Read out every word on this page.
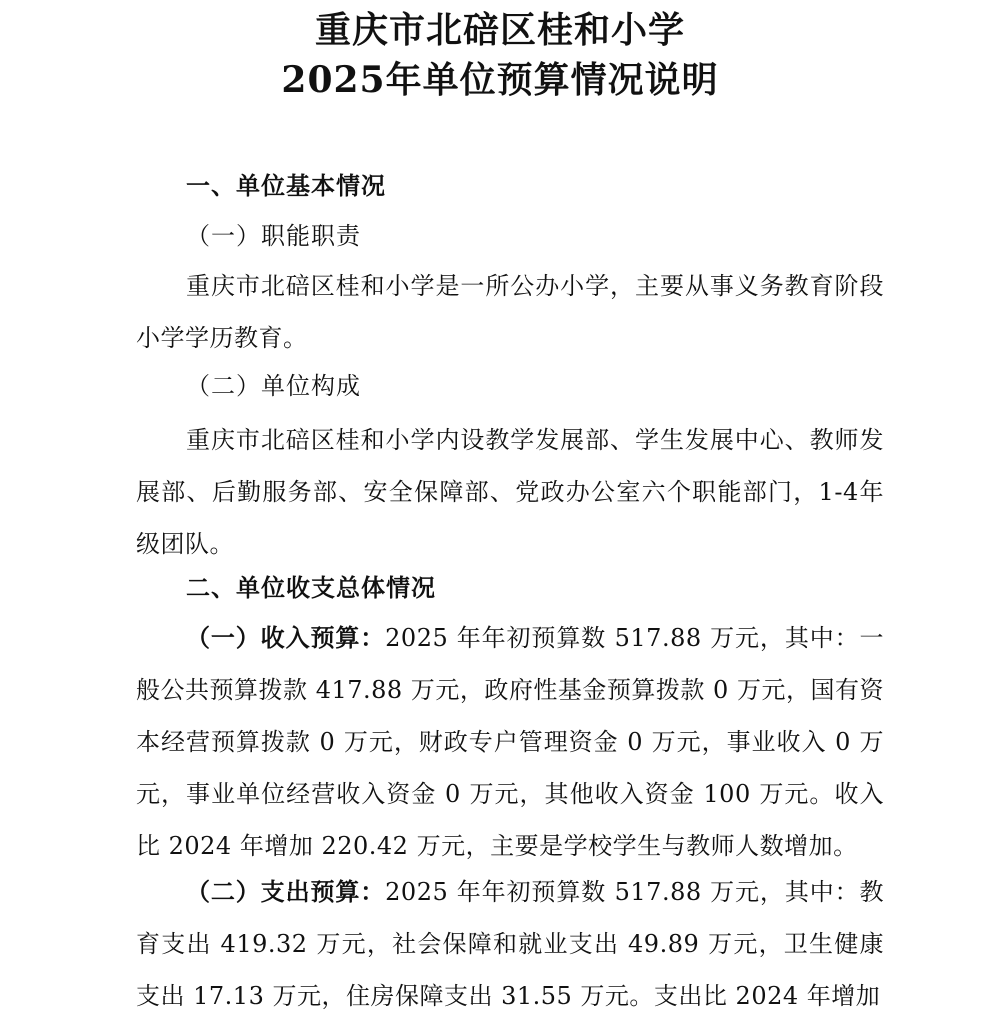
重庆市北碚区桂和小学
2025年单位预算情况说明
一、单位基本情况
（一）职能职责
重庆市北碚区桂和小学是一所公办小学，主要从事义务教育阶段小学学历教育。
（二）单位构成
重庆市北碚区桂和小学内设教学发展部、学生发展中心、教师发展部、后勤服务部、安全保障部、党政办公室六个职能部门，1-4年级团队。
二、单位收支总体情况
（一）收入预算：2025 年年初预算数 517.88 万元，其中：一般公共预算拨款 417.88 万元，政府性基金预算拨款 0 万元，国有资本经营预算拨款 0 万元，财政专户管理资金 0 万元，事业收入 0 万元，事业单位经营收入资金 0 万元，其他收入资金 100 万元。收入比 2024 年增加 220.42 万元，主要是学校学生与教师人数增加。
（二）支出预算：2025 年年初预算数 517.88 万元，其中：教育支出 419.32 万元，社会保障和就业支出 49.89 万元，卫生健康支出 17.13 万元，住房保障支出 31.55 万元。支出比 2024 年增加
